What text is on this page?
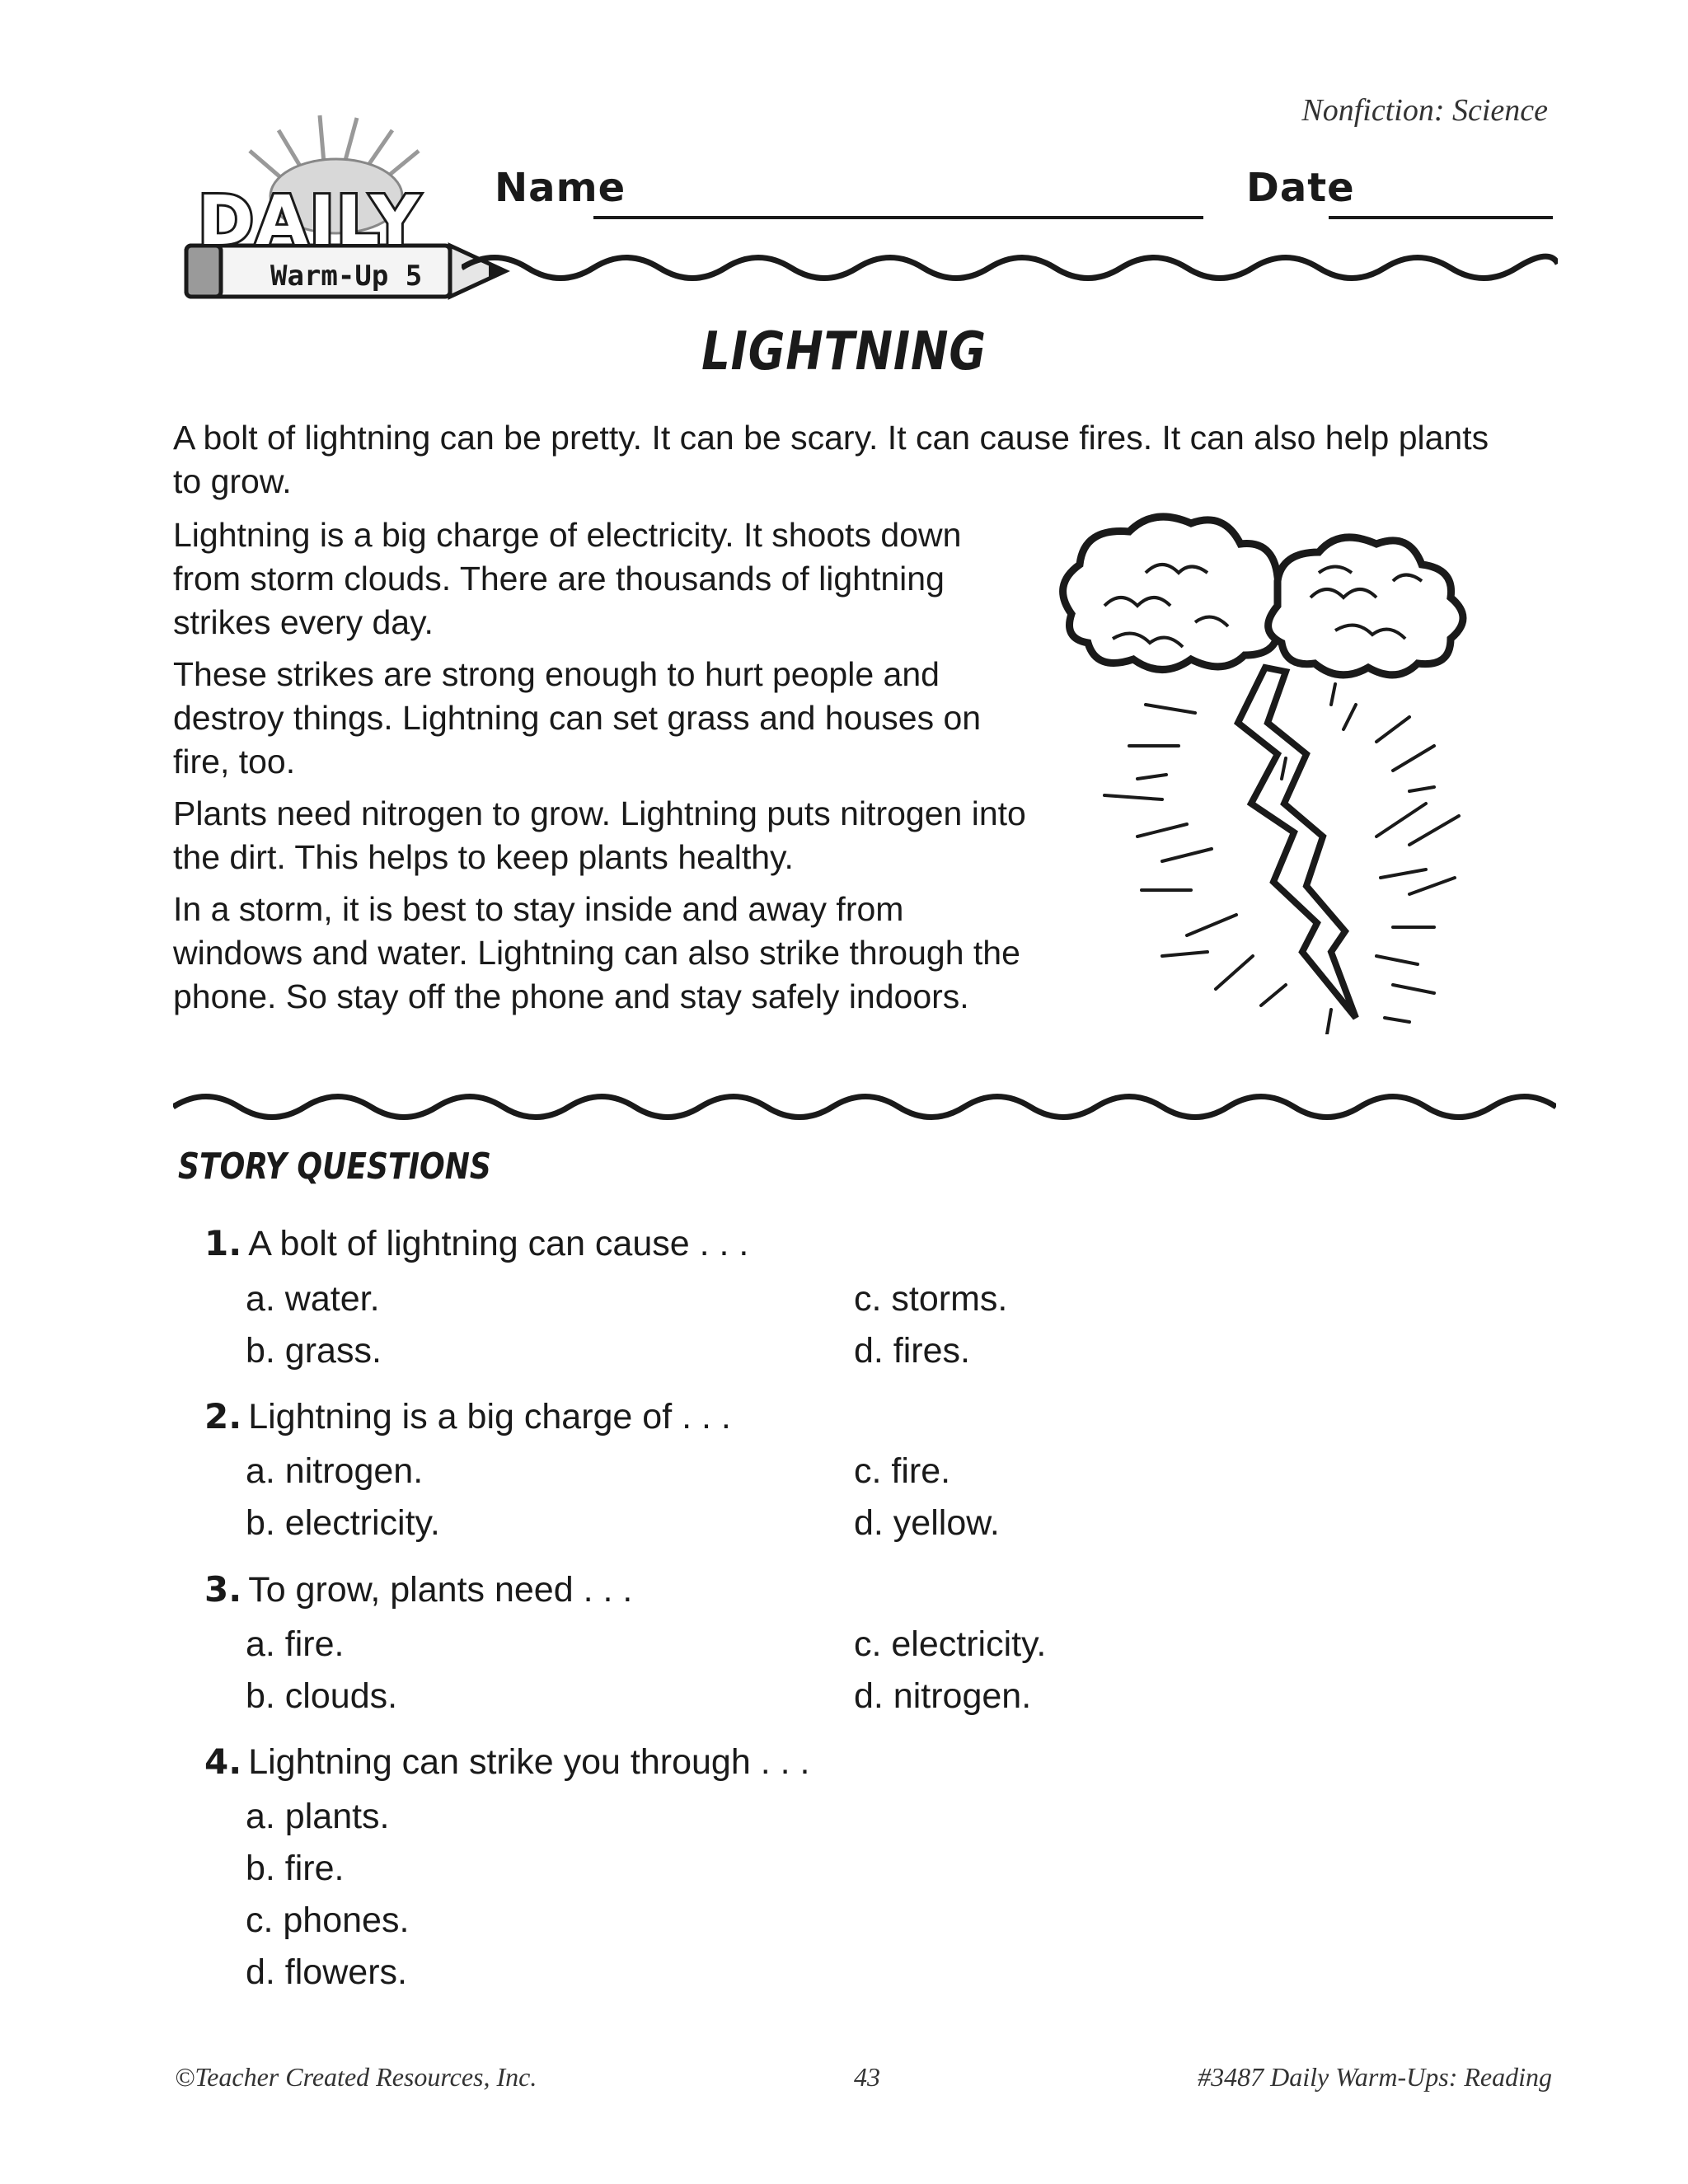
Nonfiction: Science
DAILY
Warm-Up 5
Name	Date
LIGHTNING
A bolt of lightning can be pretty. It can be scary. It can cause fires. It can also help plants to grow.
Lightning is a big charge of electricity. It shoots down from storm clouds. There are thousands of lightning strikes every day.
These strikes are strong enough to hurt people and destroy things. Lightning can set grass and houses on fire, too.
Plants need nitrogen to grow. Lightning puts nitrogen into the dirt. This helps to keep plants healthy.
In a storm, it is best to stay inside and away from windows and water. Lightning can also strike through the phone. So stay off the phone and stay safely indoors.
STORY QUESTIONS
1. A bolt of lightning can cause . . .
a. water.
b. grass.
c. storms.
d. fires.
2. Lightning is a big charge of . . .
a. nitrogen.
b. electricity.
c. fire.
d. yellow.
3. To grow, plants need . . .
a. fire.
b. clouds.
c. electricity.
d. nitrogen.
4. Lightning can strike you through . . .
a. plants.
b. fire.
c. phones.
d. flowers.
©Teacher Created Resources, Inc.	43	#3487 Daily Warm-Ups: Reading
